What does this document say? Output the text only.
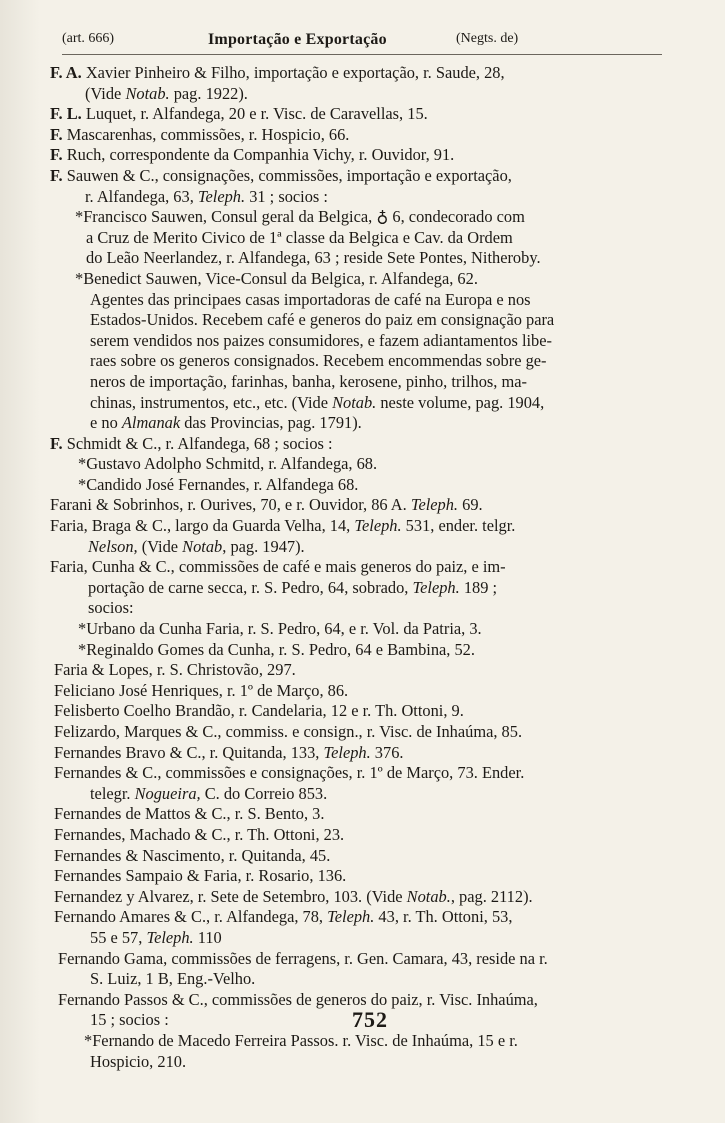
(art. 666)	Importação e Exportação	(Negts. de)
F. A. Xavier Pinheiro & Filho, importação e exportação, r. Saude, 28,
(Vide Notab. pag. 1922).
F. L. Luquet, r. Alfandega, 20 e r. Visc. de Caravellas, 15.
F. Mascarenhas, commissões, r. Hospicio, 66.
F. Ruch, correspondente da Companhia Vichy, r. Ouvidor, 91.
F. Sauwen & C., consignações, commissões, importação e exportação,
r. Alfandega, 63, Teleph. 31 ; socios :
*Francisco Sauwen, Consul geral da Belgica, ♁ 6, condecorado com
a Cruz de Merito Civico de 1ª classe da Belgica e Cav. da Ordem
do Leão Neerlandez, r. Alfandega, 63 ; reside Sete Pontes, Nitheroby.
*Benedict Sauwen, Vice-Consul da Belgica, r. Alfandega, 62.
Agentes das principaes casas importadoras de café na Europa e nos
Estados-Unidos. Recebem café e generos do paiz em consignação para
serem vendidos nos paizes consumidores, e fazem adiantamentos libe-
raes sobre os generos consignados. Recebem encommendas sobre ge-
neros de importação, farinhas, banha, kerosene, pinho, trilhos, ma-
chinas, instrumentos, etc., etc. (Vide Notab. neste volume, pag. 1904,
e no Almanak das Provincias, pag. 1791).
F. Schmidt & C., r. Alfandega, 68 ; socios :
*Gustavo Adolpho Schmitd, r. Alfandega, 68.
*Candido José Fernandes, r. Alfandega 68.
Farani & Sobrinhos, r. Ourives, 70, e r. Ouvidor, 86 A. Teleph. 69.
Faria, Braga & C., largo da Guarda Velha, 14, Teleph. 531, ender. telgr.
Nelson, (Vide Notab, pag. 1947).
Faria, Cunha & C., commissões de café e mais generos do paiz, e im-
portação de carne secca, r. S. Pedro, 64, sobrado, Teleph. 189 ;
socios:
*Urbano da Cunha Faria, r. S. Pedro, 64, e r. Vol. da Patria, 3.
*Reginaldo Gomes da Cunha, r. S. Pedro, 64 e Bambina, 52.
Faria & Lopes, r. S. Christovão, 297.
Feliciano José Henriques, r. 1º de Março, 86.
Felisberto Coelho Brandão, r. Candelaria, 12 e r. Th. Ottoni, 9.
Felizardo, Marques & C., commiss. e consign., r. Visc. de Inhaúma, 85.
Fernandes Bravo & C., r. Quitanda, 133, Teleph. 376.
Fernandes & C., commissões e consignações, r. 1º de Março, 73. Ender.
telegr. Nogueira, C. do Correio 853.
Fernandes de Mattos & C., r. S. Bento, 3.
Fernandes, Machado & C., r. Th. Ottoni, 23.
Fernandes & Nascimento, r. Quitanda, 45.
Fernandes Sampaio & Faria, r. Rosario, 136.
Fernandez y Alvarez, r. Sete de Setembro, 103. (Vide Notab., pag. 2112).
Fernando Amares & C., r. Alfandega, 78, Teleph. 43, r. Th. Ottoni, 53,
55 e 57, Teleph. 110
Fernando Gama, commissões de ferragens, r. Gen. Camara, 43, reside na r.
S. Luiz, 1 B, Eng.-Velho.
Fernando Passos & C., commissões de generos do paiz, r. Visc. Inhaúma,
15 ; socios :
*Fernando de Macedo Ferreira Passos. r. Visc. de Inhaúma, 15 e r.
Hospicio, 210.
752
